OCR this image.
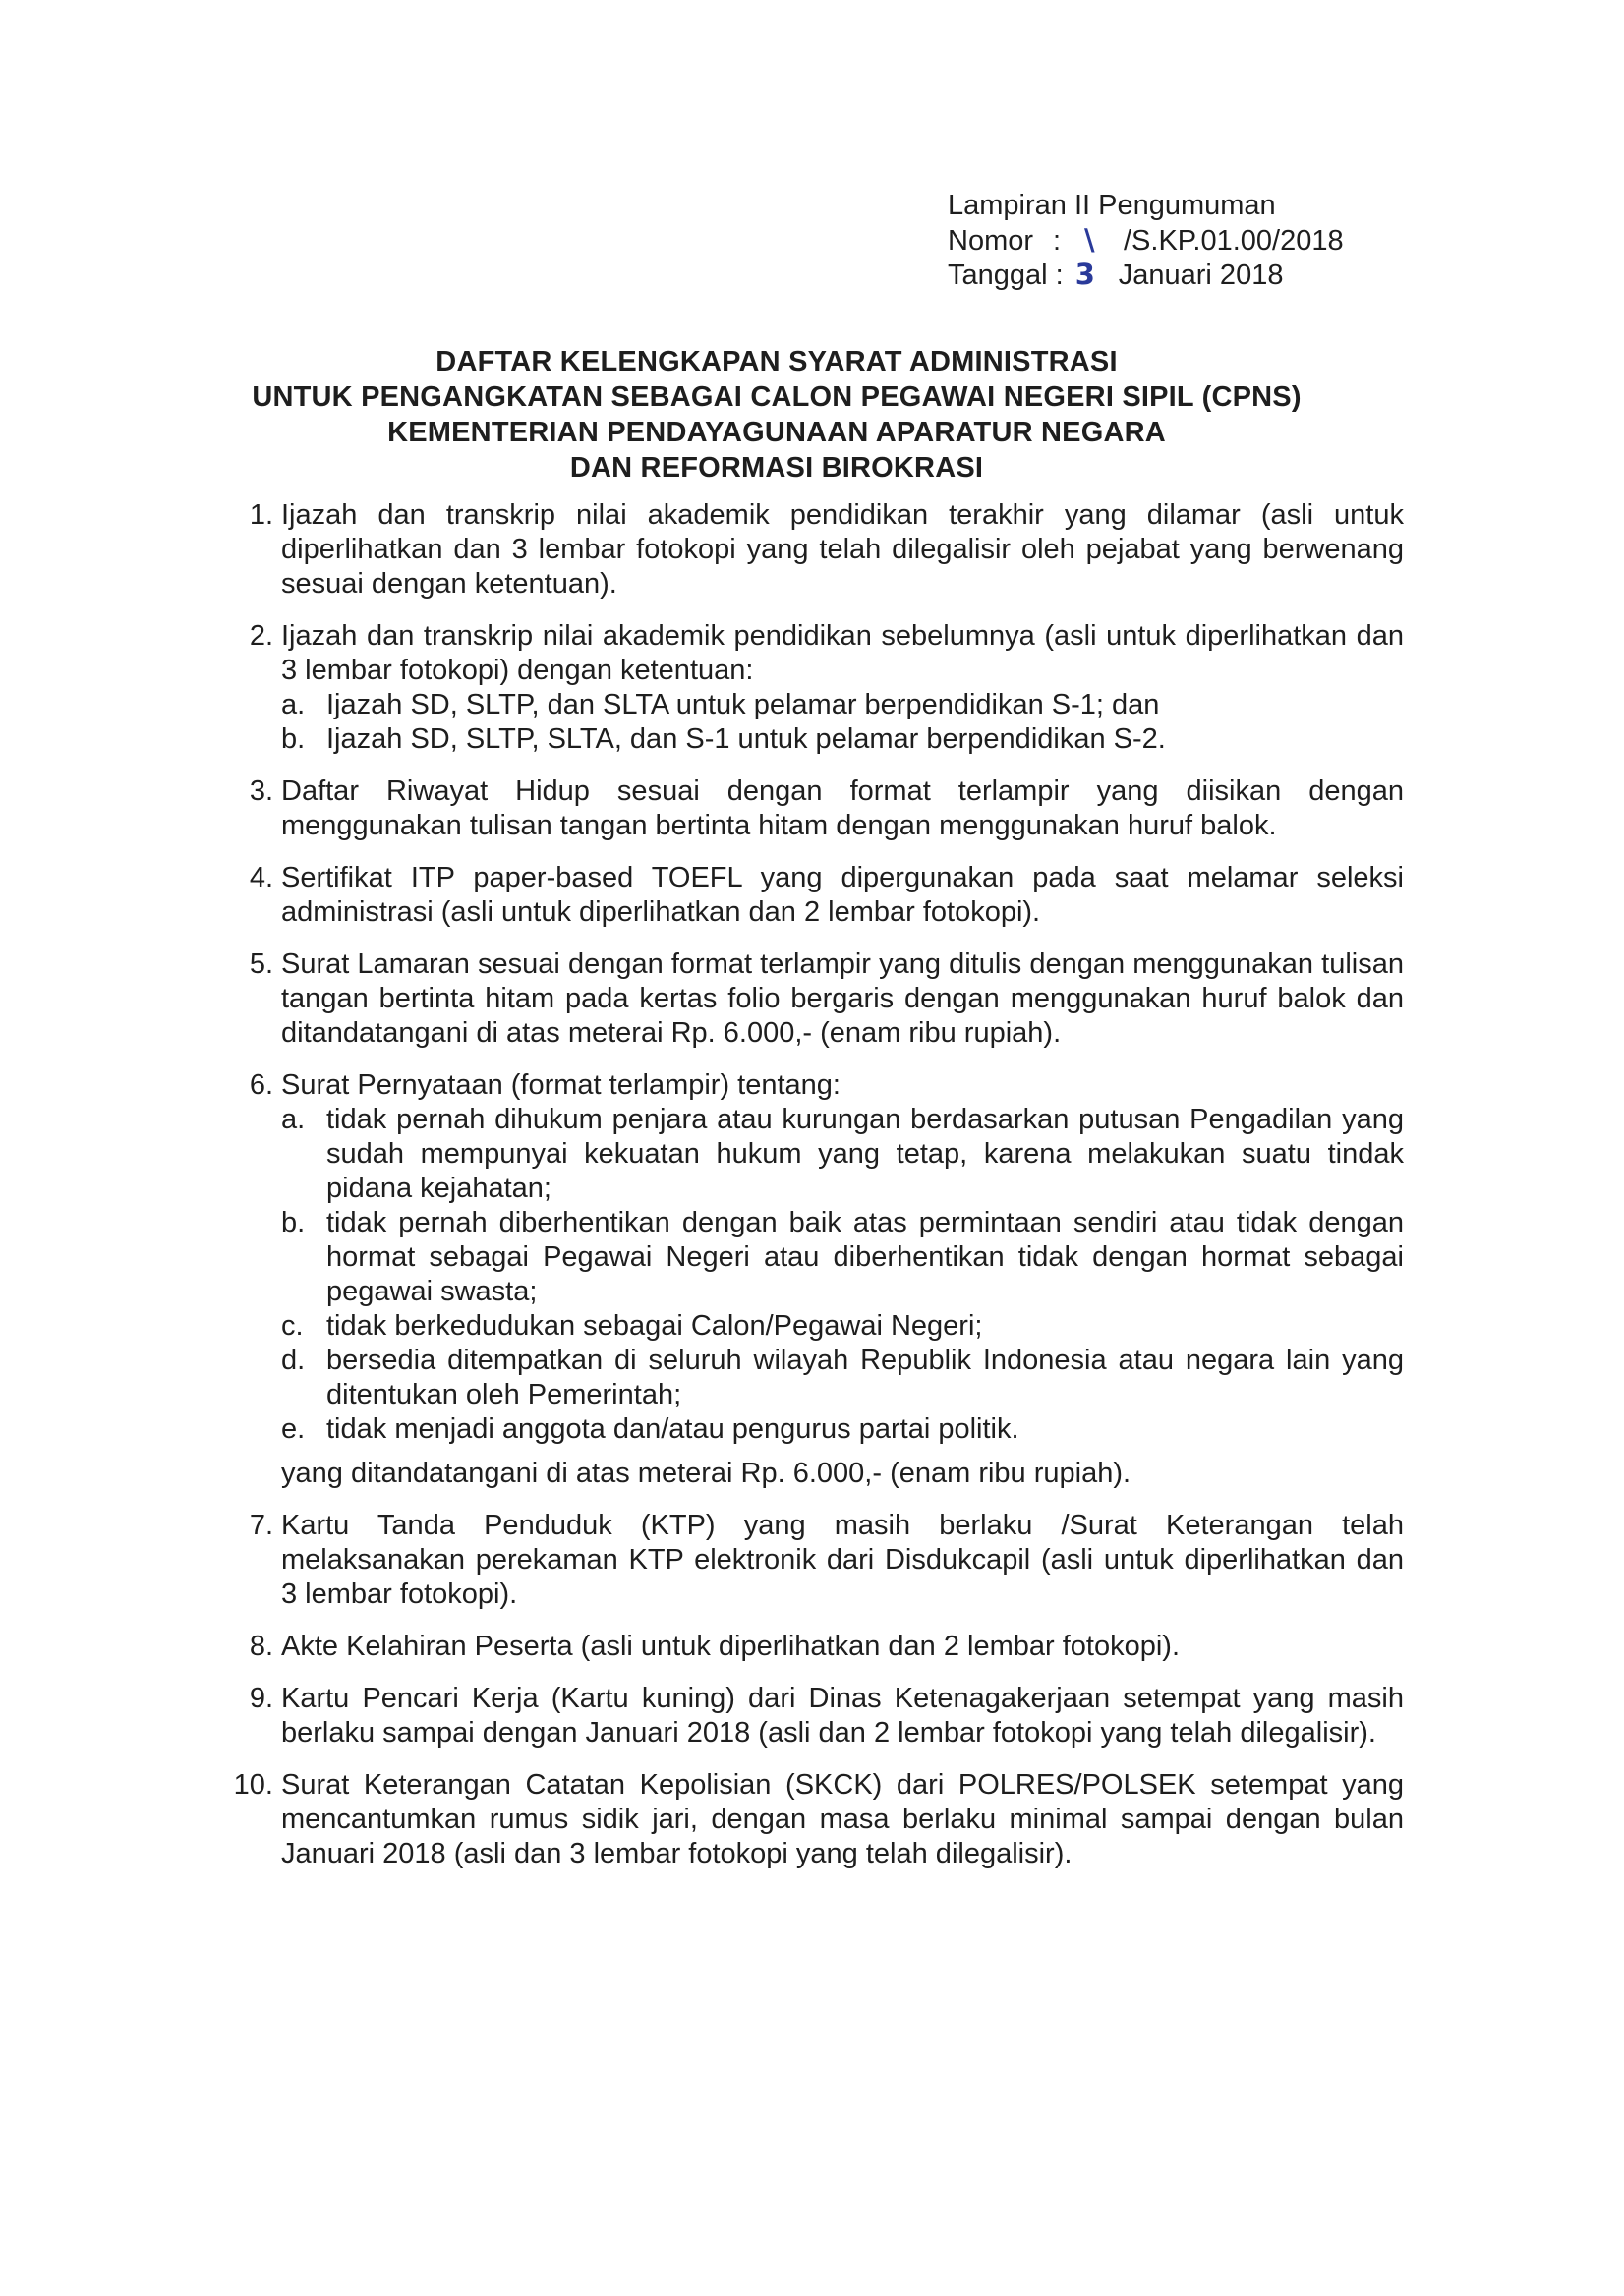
Lampiran II Pengumuman
Nomor : \ /S.KP.01.00/2018
Tanggal : 3 Januari 2018
DAFTAR KELENGKAPAN SYARAT ADMINISTRASI
UNTUK PENGANGKATAN SEBAGAI CALON PEGAWAI NEGERI SIPIL (CPNS)
KEMENTERIAN PENDAYAGUNAAN APARATUR NEGARA
DAN REFORMASI BIROKRASI
1. Ijazah dan transkrip nilai akademik pendidikan terakhir yang dilamar (asli untuk diperlihatkan dan 3 lembar fotokopi yang telah dilegalisir oleh pejabat yang berwenang sesuai dengan ketentuan).

2. Ijazah dan transkrip nilai akademik pendidikan sebelumnya (asli untuk diperlihatkan dan 3 lembar fotokopi) dengan ketentuan:

a. Ijazah SD, SLTP, dan SLTA untuk pelamar berpendidikan S-1; dan

b. Ijazah SD, SLTP, SLTA, dan S-1 untuk pelamar berpendidikan S-2.

3. Daftar Riwayat Hidup sesuai dengan format terlampir yang diisikan dengan menggunakan tulisan tangan bertinta hitam dengan menggunakan huruf balok.

4. Sertifikat ITP paper-based TOEFL yang dipergunakan pada saat melamar seleksi administrasi (asli untuk diperlihatkan dan 2 lembar fotokopi).

5. Surat Lamaran sesuai dengan format terlampir yang ditulis dengan menggunakan tulisan tangan bertinta hitam pada kertas folio bergaris dengan menggunakan huruf balok dan ditandatangani di atas meterai Rp. 6.000,- (enam ribu rupiah).

6. Surat Pernyataan (format terlampir) tentang:

a. tidak pernah dihukum penjara atau kurungan berdasarkan putusan Pengadilan yang sudah mempunyai kekuatan hukum yang tetap, karena melakukan suatu tindak pidana kejahatan;

b. tidak pernah diberhentikan dengan baik atas permintaan sendiri atau tidak dengan hormat sebagai Pegawai Negeri atau diberhentikan tidak dengan hormat sebagai pegawai swasta;

c. tidak berkedudukan sebagai Calon/Pegawai Negeri;

d. bersedia ditempatkan di seluruh wilayah Republik Indonesia atau negara lain yang ditentukan oleh Pemerintah;

e. tidak menjadi anggota dan/atau pengurus partai politik.

yang ditandatangani di atas meterai Rp. 6.000,- (enam ribu rupiah).

7. Kartu Tanda Penduduk (KTP) yang masih berlaku /Surat Keterangan telah melaksanakan perekaman KTP elektronik dari Disdukcapil (asli untuk diperlihatkan dan 3 lembar fotokopi).

8. Akte Kelahiran Peserta (asli untuk diperlihatkan dan 2 lembar fotokopi).

9. Kartu Pencari Kerja (Kartu kuning) dari Dinas Ketenagakerjaan setempat yang masih berlaku sampai dengan Januari 2018 (asli dan 2 lembar fotokopi yang telah dilegalisir).

10. Surat Keterangan Catatan Kepolisian (SKCK) dari POLRES/POLSEK setempat yang mencantumkan rumus sidik jari, dengan masa berlaku minimal sampai dengan bulan Januari 2018 (asli dan 3 lembar fotokopi yang telah dilegalisir).
